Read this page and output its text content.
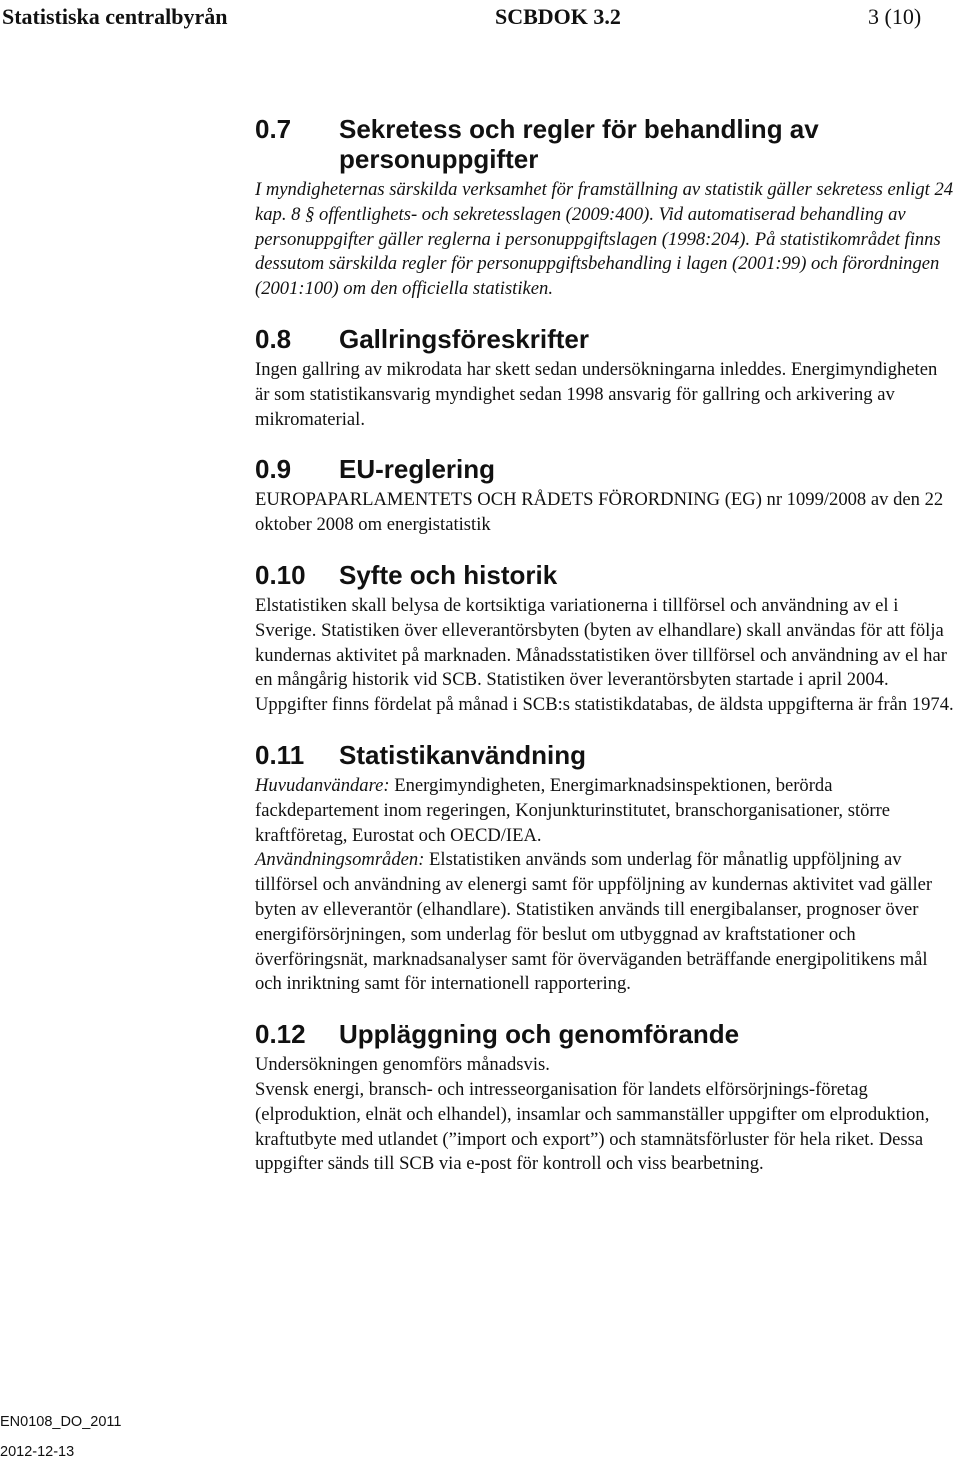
Statistiska centralbyrån	SCBDOK 3.2	3 (10)
0.7 Sekretess och regler för behandling av personuppgifter

I myndigheternas särskilda verksamhet för framställning av statistik gäller sekretess enligt 24 kap. 8 § offentlighets- och sekretesslagen (2009:400). Vid automatiserad behandling av personuppgifter gäller reglerna i personuppgiftslagen (1998:204). På statistikområdet finns dessutom särskilda regler för personuppgiftsbehandling i lagen (2001:99) och förordningen (2001:100) om den officiella statistiken.

0.8 Gallringsföreskrifter

Ingen gallring av mikrodata har skett sedan undersökningarna inleddes. Energimyndigheten är som statistikansvarig myndighet sedan 1998 ansvarig för gallring och arkivering av mikromaterial.

0.9 EU-reglering

EUROPAPARLAMENTETS OCH RÅDETS FÖRORDNING (EG) nr 1099/2008 av den 22 oktober 2008 om energistatistik

0.10 Syfte och historik

Elstatistiken skall belysa de kortsiktiga variationerna i tillförsel och användning av el i Sverige. Statistiken över elleverantörsbyten (byten av elhandlare) skall användas för att följa kundernas aktivitet på marknaden. Månadsstatistiken över tillförsel och användning av el har en mångårig historik vid SCB. Statistiken över leverantörsbyten startade i april 2004. Uppgifter finns fördelat på månad i SCB:s statistikdatabas, de äldsta uppgifterna är från 1974.

0.11 Statistikanvändning

Huvudanvändare: Energimyndigheten, Energimarknadsinspektionen, berörda fackdepartement inom regeringen, Konjunkturinstitutet, branschorganisationer, större kraftföretag, Eurostat och OECD/IEA.

Användningsområden: Elstatistiken används som underlag för månatlig uppföljning av tillförsel och användning av elenergi samt för uppföljning av kundernas aktivitet vad gäller byten av elleverantör (elhandlare). Statistiken används till energibalanser, prognoser över energiförsörjningen, som underlag för beslut om utbyggnad av kraftstationer och överföringsnät, marknadsanalyser samt för överväganden beträffande energipolitikens mål och inriktning samt för internationell rapportering.

0.12 Uppläggning och genomförande

Undersökningen genomförs månadsvis.

Svensk energi, bransch- och intresseorganisation för landets elförsörjnings-företag (elproduktion, elnät och elhandel), insamlar och sammanställer uppgifter om elproduktion, kraftutbyte med utlandet (”import och export”) och stamnätsförluster för hela riket. Dessa uppgifter sänds till SCB via e-post för kontroll och viss bearbetning.

EN0108_DO_2011
2012-12-13
